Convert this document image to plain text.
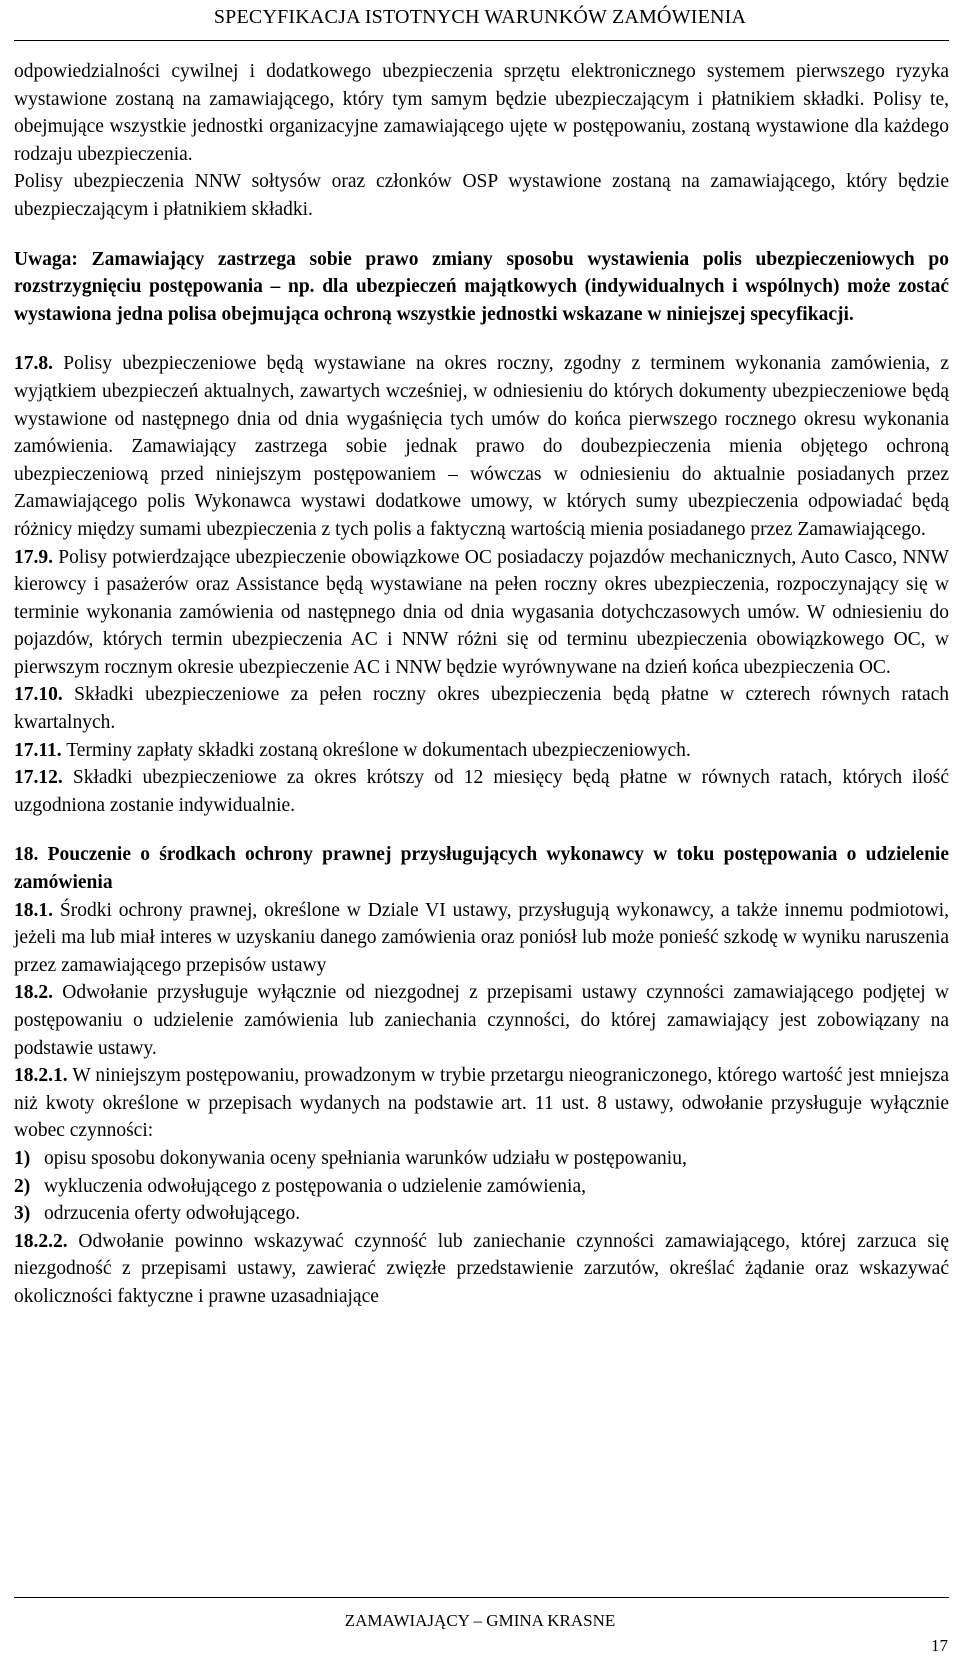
SPECYFIKACJA ISTOTNYCH WARUNKÓW ZAMÓWIENIA

odpowiedzialności cywilnej i dodatkowego ubezpieczenia sprzętu elektronicznego systemem pierwszego ryzyka wystawione zostaną na zamawiającego, który tym samym będzie ubezpieczającym i płatnikiem składki. Polisy te, obejmujące wszystkie jednostki organizacyjne zamawiającego ujęte w postępowaniu, zostaną wystawione dla każdego rodzaju ubezpieczenia.

Polisy ubezpieczenia NNW sołtysów oraz członków OSP wystawione zostaną na zamawiającego, który będzie ubezpieczającym i płatnikiem składki.

Uwaga: Zamawiający zastrzega sobie prawo zmiany sposobu wystawienia polis ubezpieczeniowych po rozstrzygnięciu postępowania – np. dla ubezpieczeń majątkowych (indywidualnych i wspólnych) może zostać wystawiona jedna polisa obejmująca ochroną wszystkie jednostki wskazane w niniejszej specyfikacji.

17.8. Polisy ubezpieczeniowe będą wystawiane na okres roczny, zgodny z terminem wykonania zamówienia, z wyjątkiem ubezpieczeń aktualnych, zawartych wcześniej, w odniesieniu do których dokumenty ubezpieczeniowe będą wystawione od następnego dnia od dnia wygaśnięcia tych umów do końca pierwszego rocznego okresu wykonania zamówienia. Zamawiający zastrzega sobie jednak prawo do doubezpieczenia mienia objętego ochroną ubezpieczeniową przed niniejszym postępowaniem – wówczas w odniesieniu do aktualnie posiadanych przez Zamawiającego polis Wykonawca wystawi dodatkowe umowy, w których sumy ubezpieczenia odpowiadać będą różnicy między sumami ubezpieczenia z tych polis a faktyczną wartością mienia posiadanego przez Zamawiającego.

17.9. Polisy potwierdzające ubezpieczenie obowiązkowe OC posiadaczy pojazdów mechanicznych, Auto Casco, NNW kierowcy i pasażerów oraz Assistance będą wystawiane na pełen roczny okres ubezpieczenia, rozpoczynający się w terminie wykonania zamówienia od następnego dnia od dnia wygasania dotychczasowych umów. W odniesieniu do pojazdów, których termin ubezpieczenia AC i NNW różni się od terminu ubezpieczenia obowiązkowego OC, w pierwszym rocznym okresie ubezpieczenie AC i NNW będzie wyrównywane na dzień końca ubezpieczenia OC.

17.10. Składki ubezpieczeniowe za pełen roczny okres ubezpieczenia będą płatne w czterech równych ratach kwartalnych.

17.11. Terminy zapłaty składki zostaną określone w dokumentach ubezpieczeniowych.

17.12. Składki ubezpieczeniowe za okres krótszy od 12 miesięcy będą płatne w równych ratach, których ilość uzgodniona zostanie indywidualnie.

18. Pouczenie o środkach ochrony prawnej przysługujących wykonawcy w toku postępowania o udzielenie zamówienia

18.1. Środki ochrony prawnej, określone w Dziale VI ustawy, przysługują wykonawcy, a także innemu podmiotowi, jeżeli ma lub miał interes w uzyskaniu danego zamówienia oraz poniósł lub może ponieść szkodę w wyniku naruszenia przez zamawiającego przepisów ustawy

18.2. Odwołanie przysługuje wyłącznie od niezgodnej z przepisami ustawy czynności zamawiającego podjętej w postępowaniu o udzielenie zamówienia lub zaniechania czynności, do której zamawiający jest zobowiązany na podstawie ustawy.

18.2.1. W niniejszym postępowaniu, prowadzonym w trybie przetargu nieograniczonego, którego wartość jest mniejsza niż kwoty określone w przepisach wydanych na podstawie art. 11 ust. 8 ustawy, odwołanie przysługuje wyłącznie wobec czynności:

1) opisu sposobu dokonywania oceny spełniania warunków udziału w postępowaniu,

2) wykluczenia odwołującego z postępowania o udzielenie zamówienia,

3) odrzucenia oferty odwołującego.

18.2.2. Odwołanie powinno wskazywać czynność lub zaniechanie czynności zamawiającego, której zarzuca się niezgodność z przepisami ustawy, zawierać zwięzłe przedstawienie zarzutów, określać żądanie oraz wskazywać okoliczności faktyczne i prawne uzasadniające

ZAMAWIAJĄCY – GMINA KRASNE
17
